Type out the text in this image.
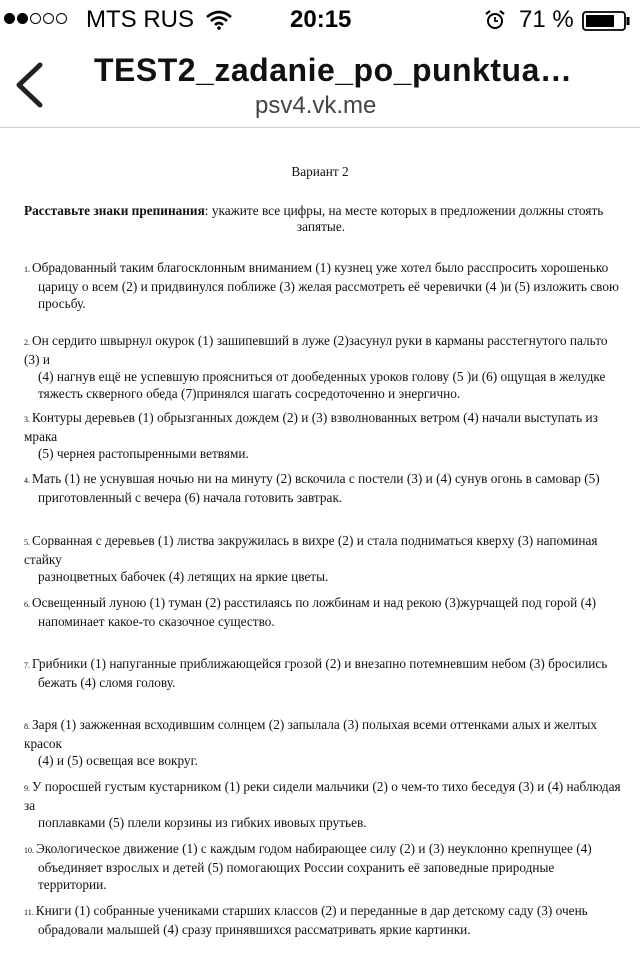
MTS RUS	20:15	71 %
TEST2_zadanie_po_punktua…
psv4.vk.me
Вариант 2
Расставьте знаки препинания: укажите все цифры, на месте которых в предложении должны стоять
запятые.
1. Обрадованный таким благосклонным вниманием (1) кузнец уже хотел было расспросить хорошенько
царицу о всем (2) и придвинулся поближе (3) желая рассмотреть её черевички (4 )и (5) изложить свою
просьбу.
2. Он сердито швырнул окурок (1) зашипевший в луже (2)засунул руки в карманы расстегнутого пальто (3) и
(4) нагнув ещё не успевшую проясниться от дообеденных уроков голову (5 )и (6) ощущая в желудке
тяжесть скверного обеда (7)принялся шагать сосредоточенно и энергично.
3. Контуры деревьев (1) обрызганных дождем (2) и (3) взволнованных ветром (4) начали выступать из мрака
(5) чернея растопыренными ветвями.
4. Мать (1) не уснувшая ночью ни на минуту (2) вскочила с постели (3) и (4) сунув огонь в самовар (5)
приготовленный с вечера (6) начала готовить завтрак.
5. Сорванная с деревьев (1) листва закружилась в вихре (2) и стала подниматься кверху (3) напоминая стайку
разноцветных бабочек (4) летящих на яркие цветы.
6. Освещенный луною (1) туман (2) расстилаясь по ложбинам и над рекою (3)журчащей под горой (4)
напоминает какое-то сказочное существо.
7. Грибники (1) напуганные приближающейся грозой (2) и внезапно потемневшим небом (3) бросились
бежать (4) сломя голову.
8. Заря (1) зажженная всходившим солнцем (2) запылала (3) полыхая всеми оттенками алых и желтых красок
(4) и (5) освещая все вокруг.
9. У поросшей густым кустарником (1) реки сидели мальчики (2) о чем-то тихо беседуя (3) и (4) наблюдая за
поплавками (5) плели корзины из гибких ивовых прутьев.
10. Экологическое движение (1) с каждым годом набирающее силу (2) и (3) неуклонно крепнущее (4)
объединяет взрослых и детей (5) помогающих России сохранить её заповедные природные территории.
11. Книги (1) собранные учениками старших классов (2) и переданные в дар детскому саду (3) очень
обрадовали малышей (4) сразу принявшихся рассматривать яркие картинки.
